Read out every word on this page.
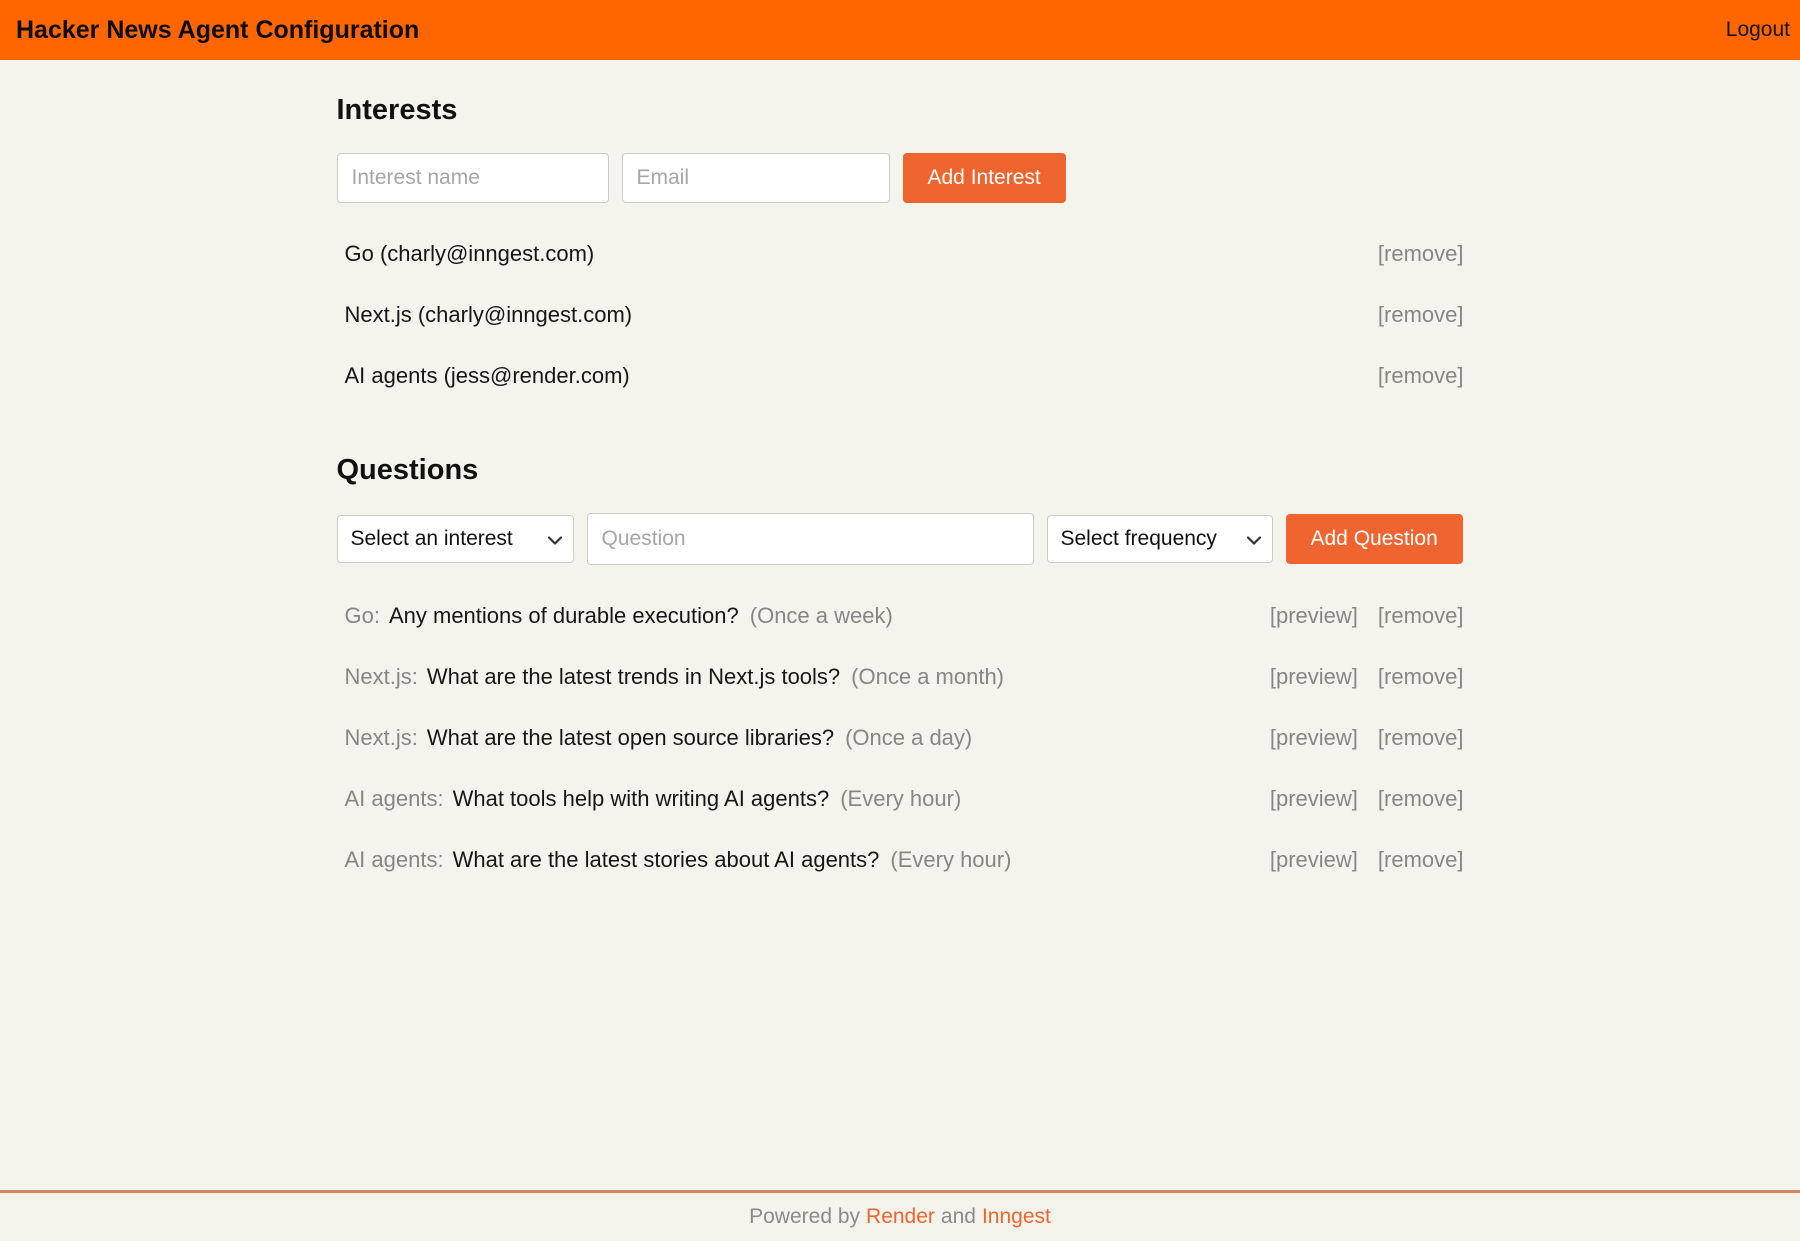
Hacker News Agent Configuration	Logout
Interests
Interest name
Email
Add Interest
Go (charly@inngest.com)	[remove]
Next.js (charly@inngest.com)	[remove]
AI agents (jess@render.com)	[remove]
Questions
Select an interest
Question	Select frequency	Add Question
Go: Any mentions of durable execution? (Once a week)	[preview] [remove]
Next.js: What are the latest trends in Next.js tools? (Once a month)	[preview] [remove]
Next.js: What are the latest open source libraries? (Once a day)	[preview] [remove]
AI agents: What tools help with writing AI agents? (Every hour)	[preview] [remove]
AI agents: What are the latest stories about AI agents? (Every hour)	[preview] [remove]
Powered by Render and Inngest
